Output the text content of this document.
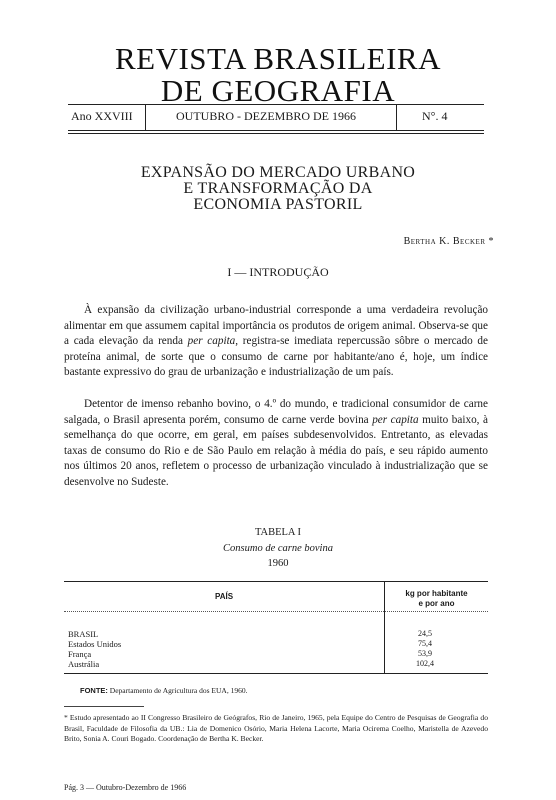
REVISTA BRASILEIRA
DE GEOGRAFIA
Ano XXVIII	OUTUBRO - DEZEMBRO DE 1966	N°. 4
EXPANSÃO DO MERCADO URBANO
E TRANSFORMAÇÃO DA
ECONOMIA PASTORIL
Bertha K. Becker *
I — INTRODUÇÃO
À expansão da civilização urbano-industrial corresponde a uma verdadeira revolução alimentar em que assumem capital importância os produtos de origem animal. Observa-se que a cada elevação da renda per capita, registra-se imediata repercussão sôbre o mercado de proteína animal, de sorte que o consumo de carne por habitante/ano é, hoje, um índice bastante expressivo do grau de urbanização e industrialização de um país.
Detentor de imenso rebanho bovino, o 4.º do mundo, e tradicional consumidor de carne salgada, o Brasil apresenta porém, consumo de carne verde bovina per capita muito baixo, à semelhança do que ocorre, em geral, em países subdesenvolvidos. Entretanto, as elevadas taxas de consumo do Rio e de São Paulo em relação à média do país, e seu rápido aumento nos últimos 20 anos, refletem o processo de urbanização vinculado à industrialização que se desenvolve no Sudeste.
TABELA I
Consumo de carne bovina
1960
PAÍS	kg por habitante
e por ano
BRASIL	24,5
Estados Unidos	75,4
França	53,9
Austrália	102,4
FONTE: Departamento de Agricultura dos EUA, 1960.
* Estudo apresentado ao II Congresso Brasileiro de Geógrafos, Rio de Janeiro, 1965, pela Equipe do Centro de Pesquisas de Geografia do Brasil, Faculdade de Filosofia da UB.: Lia de Domenico Osório, Maria Helena Lacorte, Maria Ocirema Coelho, Maristella de Azevedo Brito, Sonia A. Couri Bogado. Coordenação de Bertha K. Becker.
Pág. 3 — Outubro-Dezembro de 1966
